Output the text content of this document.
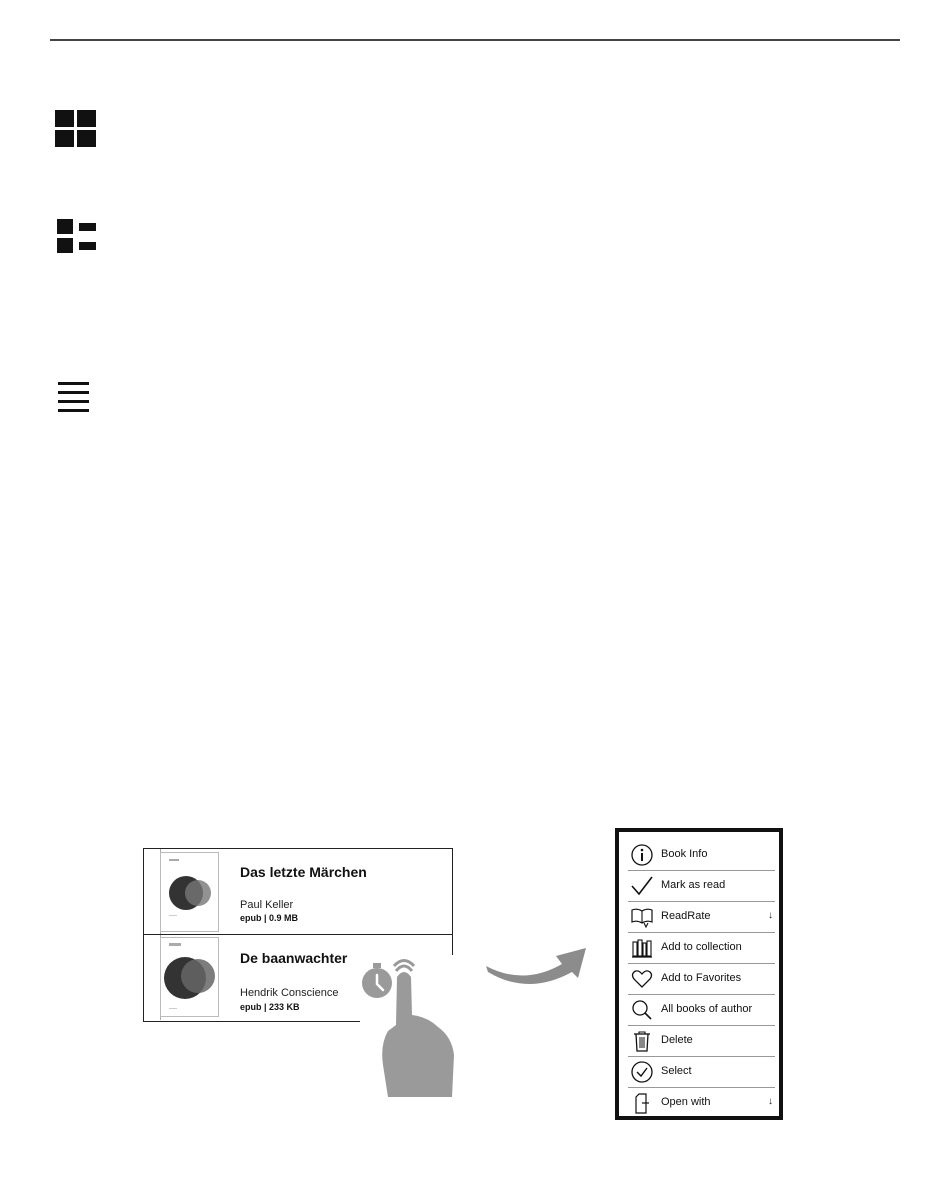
Das letzte Märchen
Paul Keller
epub | 0.9 MB
De baanwachter
Hendrik Conscience
epub | 233 KB
Book Info
Mark as read
ReadRate	↓
Add to collection
Add to Favorites
All books of author
Delete
Select
Open with	↓
